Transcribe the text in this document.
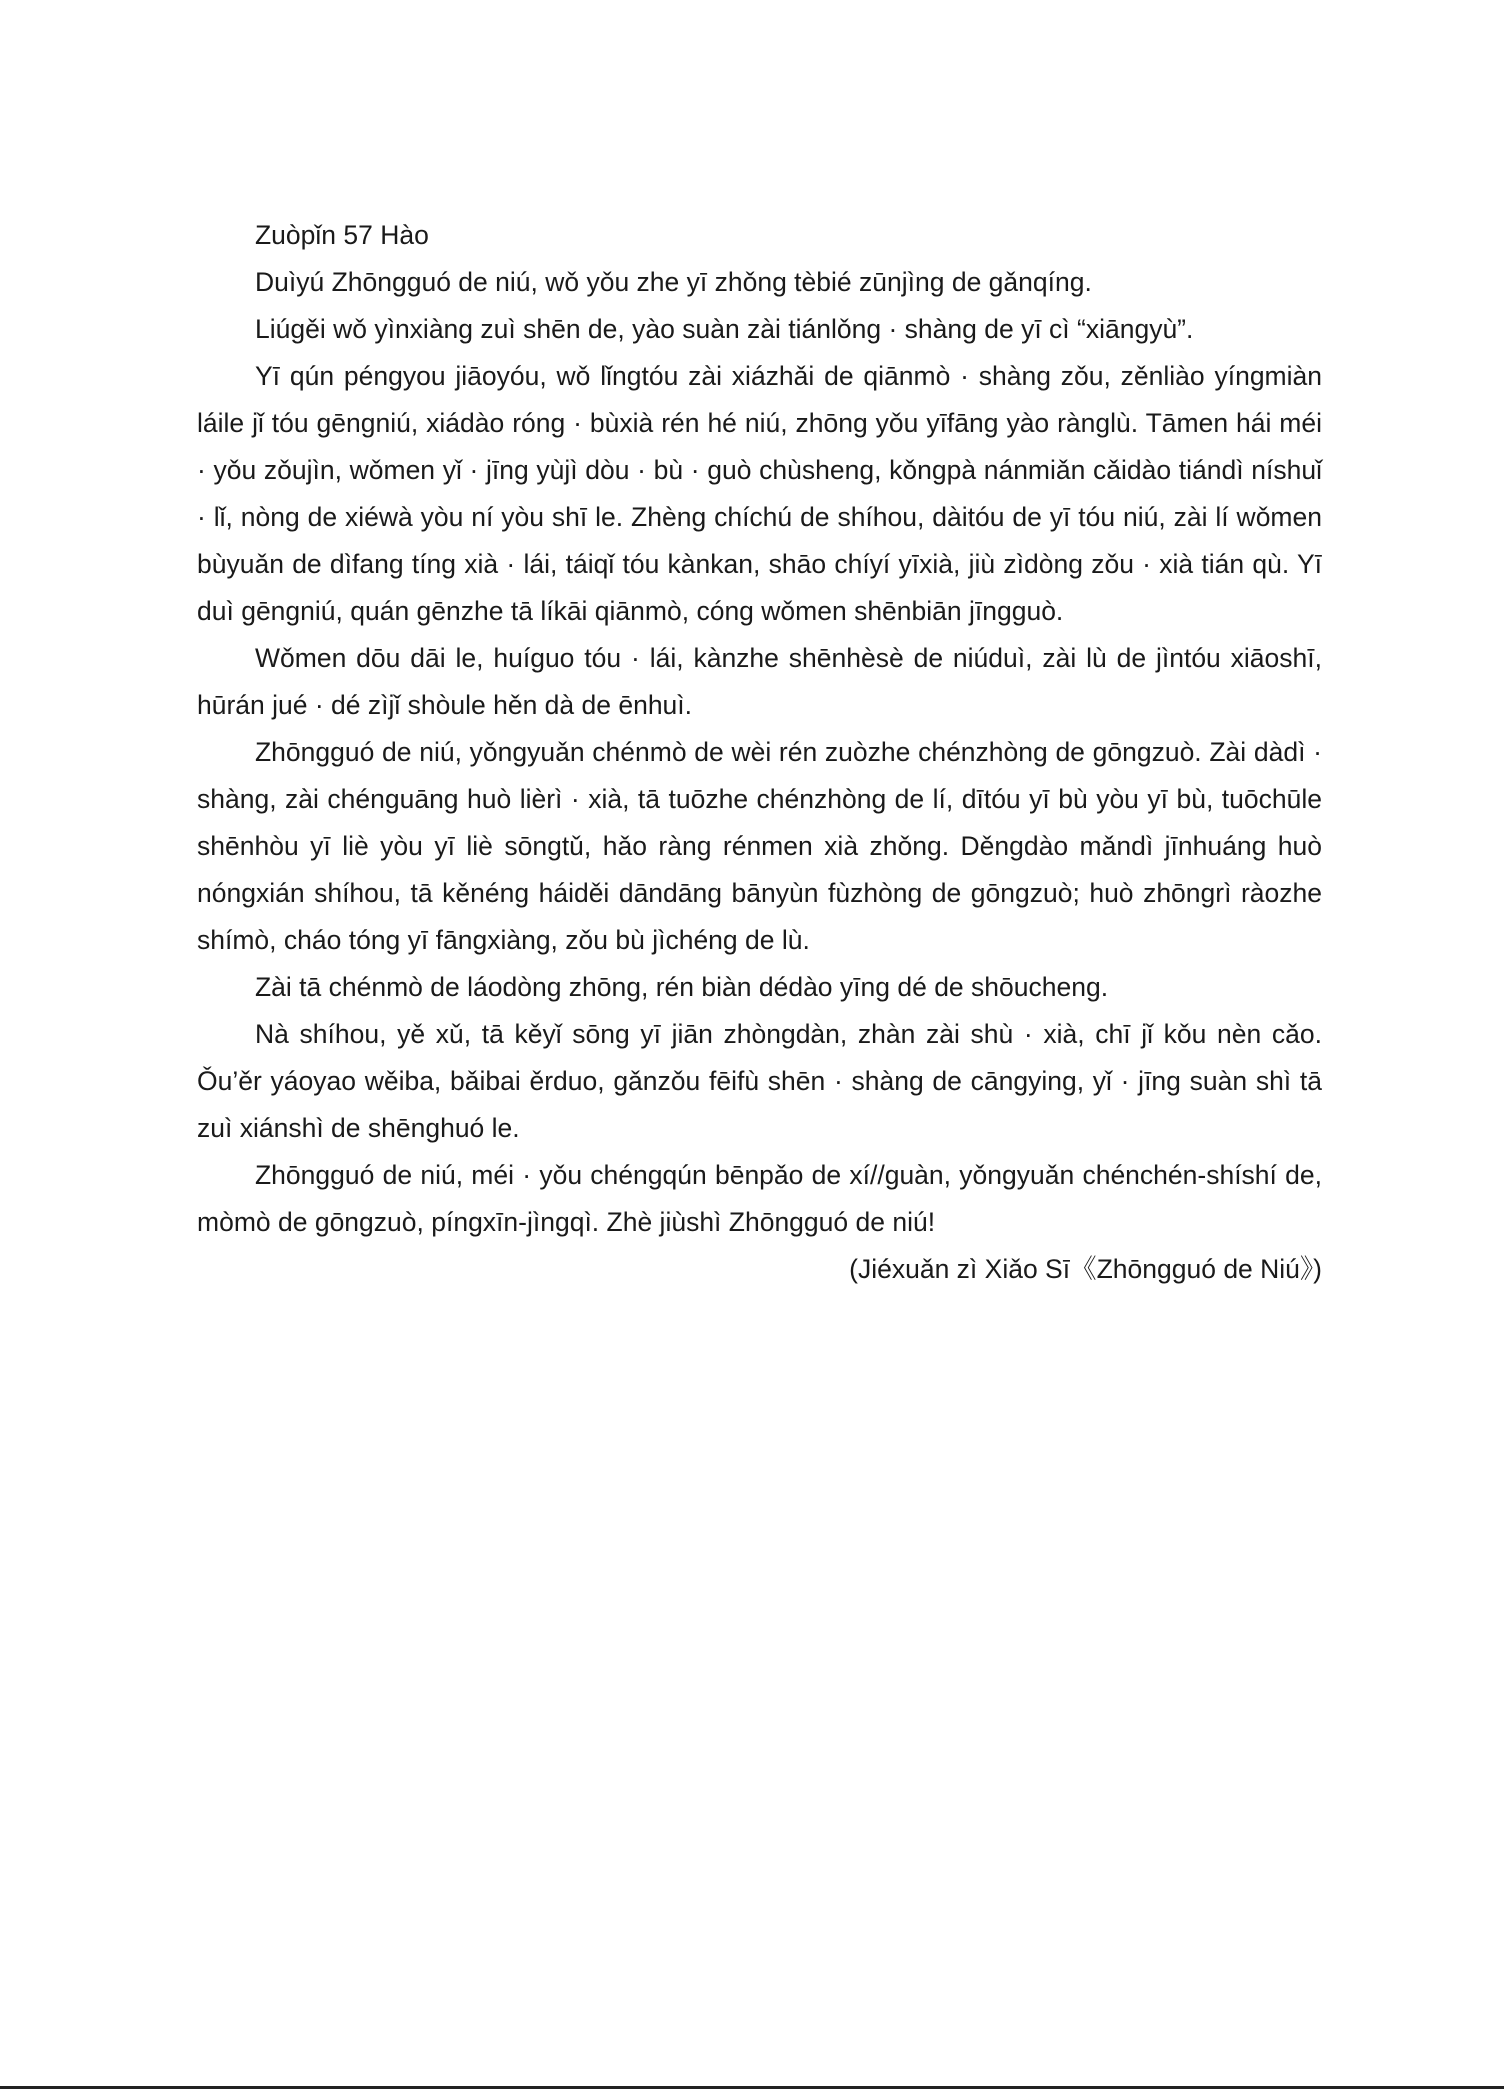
Zuòpǐn 57 Hào

Duìyú Zhōngguó de niú, wǒ yǒu zhe yī zhǒng tèbié zūnjìng de gǎnqíng.

Liúgěi wǒ yìnxiàng zuì shēn de, yào suàn zài tiánlǒng · shàng de yī cì “xiāngyù”.

Yī qún péngyou jiāoyóu, wǒ lǐngtóu zài xiázhǎi de qiānmò · shàng zǒu, zěnliào yíngmiàn láile jǐ tóu gēngniú, xiádào róng · bùxià rén hé niú, zhōng yǒu yīfāng yào rànglù. Tāmen hái méi · yǒu zǒujìn, wǒmen yǐ · jīng yùjì dòu · bù · guò chùsheng, kǒngpà nánmiǎn cǎidào tiándì níshuǐ · lǐ, nòng de xiéwà yòu ní yòu shī le. Zhèng chíchú de shíhou, dàitóu de yī tóu niú, zài lí wǒmen bùyuǎn de dìfang tíng xià · lái, táiqǐ tóu kànkan, shāo chíyí yīxià, jiù zìdòng zǒu · xià tián qù. Yī duì gēngniú, quán gēnzhe tā líkāi qiānmò, cóng wǒmen shēnbiān jīngguò.

Wǒmen dōu dāi le, huíguo tóu · lái, kànzhe shēnhèsè de niúduì, zài lù de jìntóu xiāoshī, hūrán jué · dé zìjǐ shòule hěn dà de ēnhuì.

Zhōngguó de niú, yǒngyuǎn chénmò de wèi rén zuòzhe chénzhòng de gōngzuò. Zài dàdì · shàng, zài chénguāng huò lièrì · xià, tā tuōzhe chénzhòng de lí, dītóu yī bù yòu yī bù, tuōchūle shēnhòu yī liè yòu yī liè sōngtǔ, hǎo ràng rénmen xià zhǒng. Děngdào mǎndì jīnhuáng huò nóngxián shíhou, tā kěnéng háiděi dāndāng bānyùn fùzhòng de gōngzuò; huò zhōngrì ràozhe shímò, cháo tóng yī fāngxiàng, zǒu bù jìchéng de lù.

Zài tā chénmò de láodòng zhōng, rén biàn dédào yīng dé de shōucheng.

Nà shíhou, yě xǔ, tā kěyǐ sōng yī jiān zhòngdàn, zhàn zài shù · xià, chī jǐ kǒu nèn cǎo. Ǒu’ěr yáoyao wěiba, bǎibai ěrduo, gǎnzǒu fēifù shēn · shàng de cāngying, yǐ · jīng suàn shì tā zuì xiánshì de shēnghuó le.

Zhōngguó de niú, méi · yǒu chéngqún bēnpǎo de xí//guàn, yǒngyuǎn chénchén-shíshí de, mòmò de gōngzuò, píngxīn-jìngqì. Zhè jiùshì Zhōngguó de niú!

(Jiéxuǎn zì Xiǎo Sī《Zhōngguó de Niú》)
